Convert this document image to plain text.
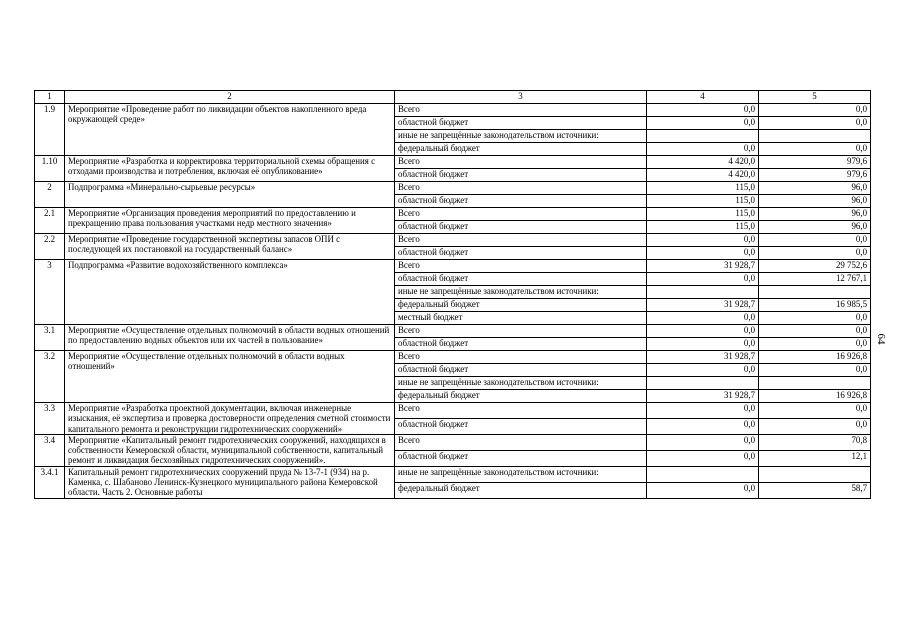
1	2	3	4	5
1.9	Мероприятие «Проведение работ по ликвидации объектов накопленного вреда окружающей среде»	Всего	0,0	0,0
		областной бюджет	0,0	0,0
		иные не запрещённые законодательством источники:		
		федеральный бюджет	0,0	0,0
1.10	Мероприятие «Разработка и корректировка территориальной схемы обращения с отходами производства и потребления, включая её опубликование»	Всего	4 420,0	979,6
		областной бюджет	4 420,0	979,6
2	Подпрограмма «Минерально-сырьевые ресурсы»	Всего	115,0	96,0
		областной бюджет	115,0	96,0
2.1	Мероприятие «Организация проведения мероприятий по предоставлению и прекращению права пользования участками недр местного значения»	Всего	115,0	96,0
		областной бюджет	115,0	96,0
2.2	Мероприятие «Проведение государственной экспертизы запасов ОПИ с последующей их постановкой на государственный баланс»	Всего	0,0	0,0
		областной бюджет	0,0	0,0
3	Подпрограмма «Развитие водохозяйственного комплекса»	Всего	31 928,7	29 752,6
		областной бюджет	0,0	12 767,1
		иные не запрещённые законодательством источники:		
		федеральный бюджет	31 928,7	16 985,5
		местный бюджет	0,0	0,0
3.1	Мероприятие «Осуществление отдельных полномочий в области водных отношений по предоставлению водных объектов или их частей в пользование»	Всего	0,0	0,0
		областной бюджет	0,0	0,0
3.2	Мероприятие «Осуществление отдельных полномочий в области водных отношений»	Всего	31 928,7	16 926,8
		областной бюджет	0,0	0,0
		иные не запрещённые законодательством источники:		
		федеральный бюджет	31 928,7	16 926,8
3.3	Мероприятие «Разработка проектной документации, включая инженерные изыскания, её экспертиза и проверка достоверности определения сметной стоимости капитального ремонта и реконструкции гидротехнических сооружений»	Всего	0,0	0,0
		областной бюджет	0,0	0,0
3.4	Мероприятие «Капитальный ремонт гидротехнических сооружений, находящихся в собственности Кемеровской области, муниципальной собственности, капитальный ремонт и ликвидация бесхозяйных гидротехнических сооружений».	Всего	0,0	70,8
		областной бюджет	0,0	12,1
3.4.1	Капитальный ремонт гидротехнических сооружений пруда № 13-7-1 (934) на р. Каменка, с. Шабаново Ленинск-Кузнецкого муниципального района Кемеровской области. Часть 2. Основные работы	иные не запрещённые законодательством источники:		
		федеральный бюджет	0,0	58,7
64
